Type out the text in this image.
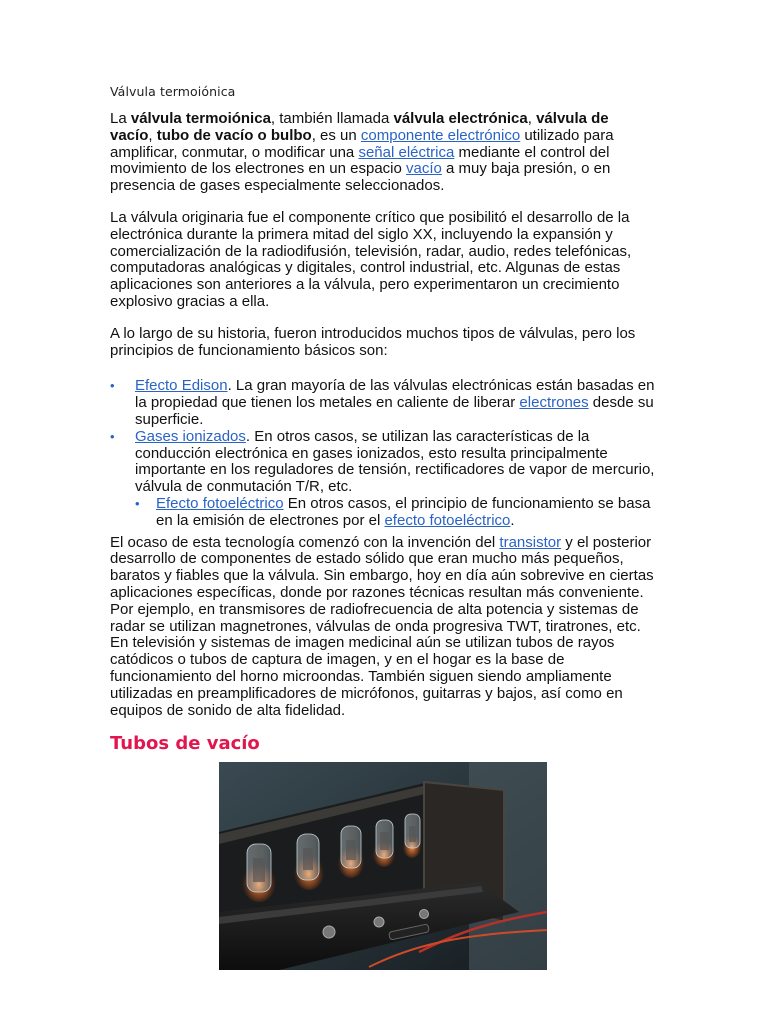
Válvula termoiónica

La válvula termoiónica, también llamada válvula electrónica, válvula de vacío, tubo de vacío o bulbo, es un componente electrónico utilizado para amplificar, conmutar, o modificar una señal eléctrica mediante el control del movimiento de los electrones en un espacio vacío a muy baja presión, o en presencia de gases especialmente seleccionados.

La válvula originaria fue el componente crítico que posibilitó el desarrollo de la electrónica durante la primera mitad del siglo XX, incluyendo la expansión y comercialización de la radiodifusión, televisión, radar, audio, redes telefónicas, computadoras analógicas y digitales, control industrial, etc. Algunas de estas aplicaciones son anteriores a la válvula, pero experimentaron un crecimiento explosivo gracias a ella.

A lo largo de su historia, fueron introducidos muchos tipos de válvulas, pero los principios de funcionamiento básicos son:

• Efecto Edison. La gran mayoría de las válvulas electrónicas están basadas en la propiedad que tienen los metales en caliente de liberar electrones desde su superficie.
• Gases ionizados. En otros casos, se utilizan las características de la conducción electrónica en gases ionizados, esto resulta principalmente importante en los reguladores de tensión, rectificadores de vapor de mercurio, válvula de conmutación T/R, etc.
• Efecto fotoeléctrico En otros casos, el principio de funcionamiento se basa en la emisión de electrones por el efecto fotoeléctrico.

El ocaso de esta tecnología comenzó con la invención del transistor y el posterior desarrollo de componentes de estado sólido que eran mucho más pequeños, baratos y fiables que la válvula. Sin embargo, hoy en día aún sobrevive en ciertas aplicaciones específicas, donde por razones técnicas resultan más conveniente. Por ejemplo, en transmisores de radiofrecuencia de alta potencia y sistemas de radar se utilizan magnetrones, válvulas de onda progresiva TWT, tiratrones, etc. En televisión y sistemas de imagen medicinal aún se utilizan tubos de rayos catódicos o tubos de captura de imagen, y en el hogar es la base de funcionamiento del horno microondas. También siguen siendo ampliamente utilizadas en preamplificadores de micrófonos, guitarras y bajos, así como en equipos de sonido de alta fidelidad.

Tubos de vacío
